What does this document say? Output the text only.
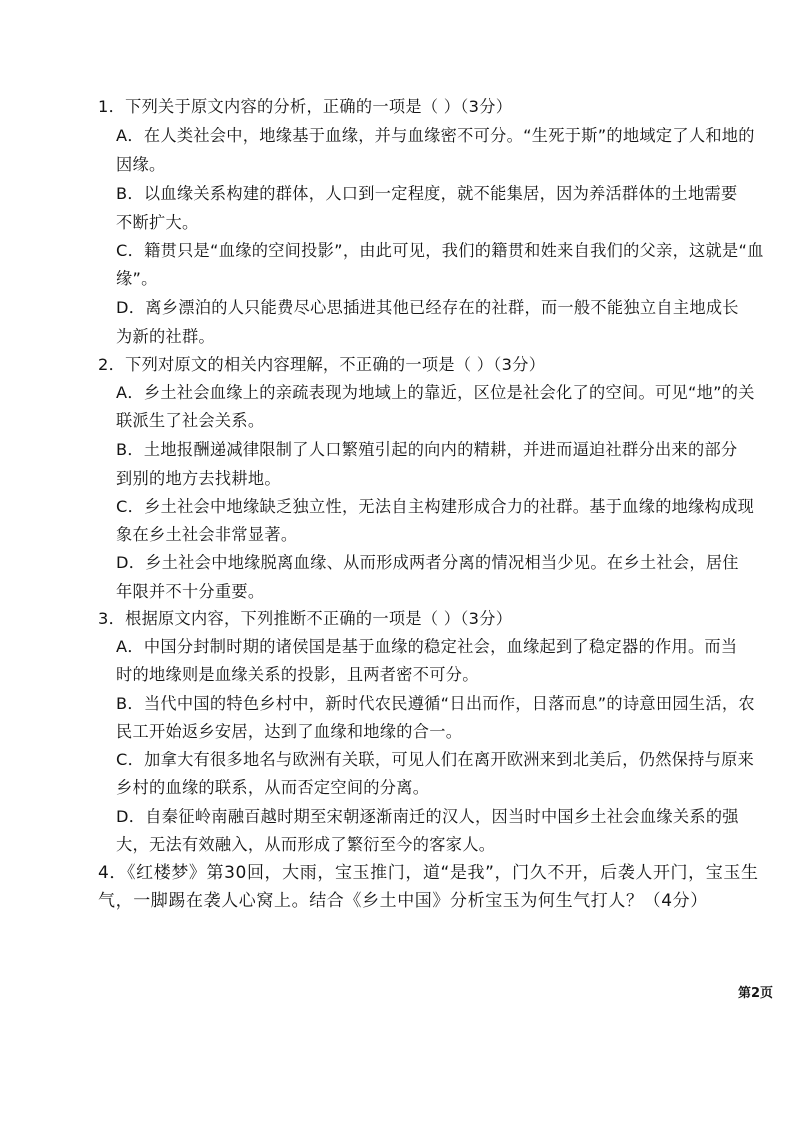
1．下列关于原文内容的分析，正确的一项是（ ）（3分）
A．在人类社会中，地缘基于血缘，并与血缘密不可分。“生死于斯”的地域定了人和地的
因缘。
B．以血缘关系构建的群体，人口到一定程度，就不能集居，因为养活群体的土地需要
不断扩大。
C．籍贯只是“血缘的空间投影”，由此可见，我们的籍贯和姓来自我们的父亲，这就是“血
缘”。
D．离乡漂泊的人只能费尽心思插进其他已经存在的社群，而一般不能独立自主地成长
为新的社群。
2．下列对原文的相关内容理解，不正确的一项是（ ）（3分）
A．乡土社会血缘上的亲疏表现为地域上的靠近，区位是社会化了的空间。可见“地”的关
联派生了社会关系。
B．土地报酬递减律限制了人口繁殖引起的向内的精耕，并进而逼迫社群分出来的部分
到别的地方去找耕地。
C．乡土社会中地缘缺乏独立性，无法自主构建形成合力的社群。基于血缘的地缘构成现
象在乡土社会非常显著。
D．乡土社会中地缘脱离血缘、从而形成两者分离的情况相当少见。在乡土社会，居住
年限并不十分重要。
3．根据原文内容，下列推断不正确的一项是（ ）（3分）
A．中国分封制时期的诸侯国是基于血缘的稳定社会，血缘起到了稳定器的作用。而当
时的地缘则是血缘关系的投影，且两者密不可分。
B．当代中国的特色乡村中，新时代农民遵循“日出而作，日落而息”的诗意田园生活，农
民工开始返乡安居，达到了血缘和地缘的合一。
C．加拿大有很多地名与欧洲有关联，可见人们在离开欧洲来到北美后，仍然保持与原来
乡村的血缘的联系，从而否定空间的分离。
D．自秦征岭南融百越时期至宋朝逐渐南迁的汉人，因当时中国乡土社会血缘关系的强
大，无法有效融入，从而形成了繁衍至今的客家人。
4．《红楼梦》第30回，大雨，宝玉推门，道“是我”，门久不开，后袭人开门，宝玉生
气，一脚踢在袭人心窝上。结合《乡土中国》分析宝玉为何生气打人？（4分）
第2页
